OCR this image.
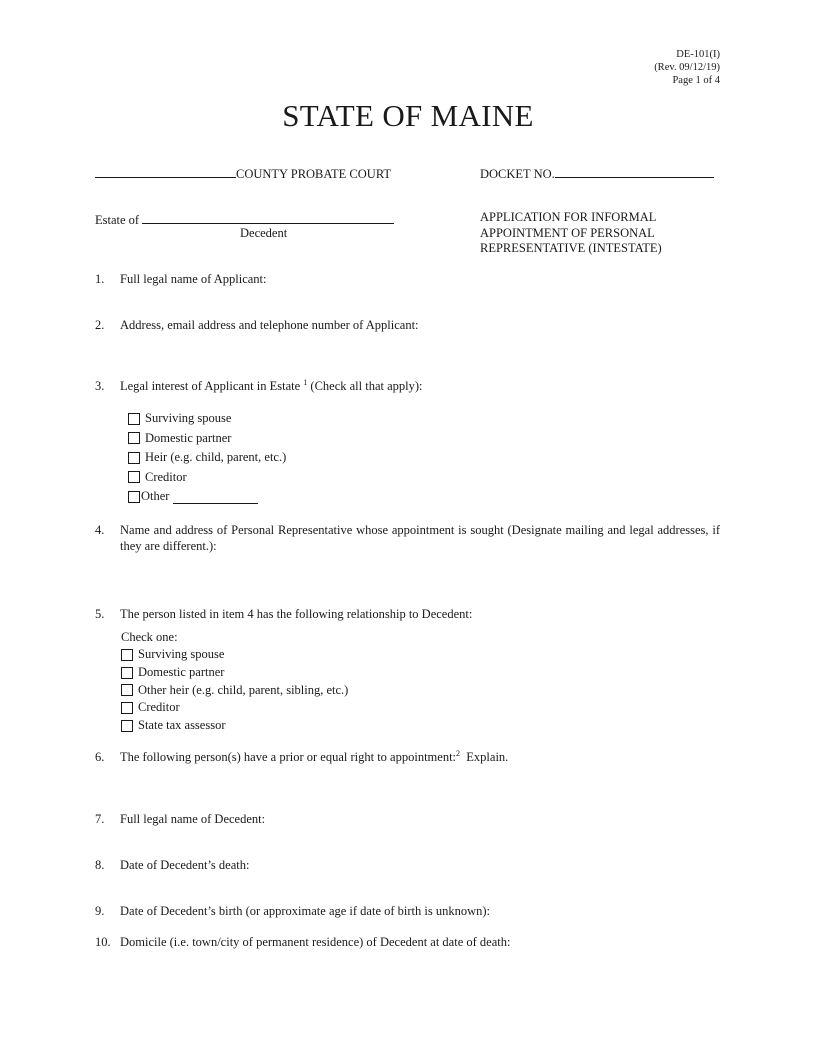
DE-101(I)
(Rev. 09/12/19)
Page 1 of 4
STATE OF MAINE
COUNTY PROBATE COURT	DOCKET NO.
Estate of
Decedent
APPLICATION FOR INFORMAL
APPOINTMENT OF PERSONAL
REPRESENTATIVE (INTESTATE)
1. Full legal name of Applicant:
2. Address, email address and telephone number of Applicant:
3. Legal interest of Applicant in Estate $^1$ (Check all that apply):
Surviving spouse
Domestic partner
Heir (e.g. child, parent, etc.)
Creditor
Other
4. Name and address of Personal Representative whose appointment is sought (Designate mailing and legal addresses, if they are different.):
5. The person listed in item 4 has the following relationship to Decedent:
Check one:
Surviving spouse
Domestic partner
Other heir (e.g. child, parent, sibling, etc.)
Creditor
State tax assessor
6. The following person(s) have a prior or equal right to appointment:$^2$ Explain.
7. Full legal name of Decedent:
8. Date of Decedent’s death:
9. Date of Decedent’s birth (or approximate age if date of birth is unknown):
10. Domicile (i.e. town/city of permanent residence) of Decedent at date of death:
